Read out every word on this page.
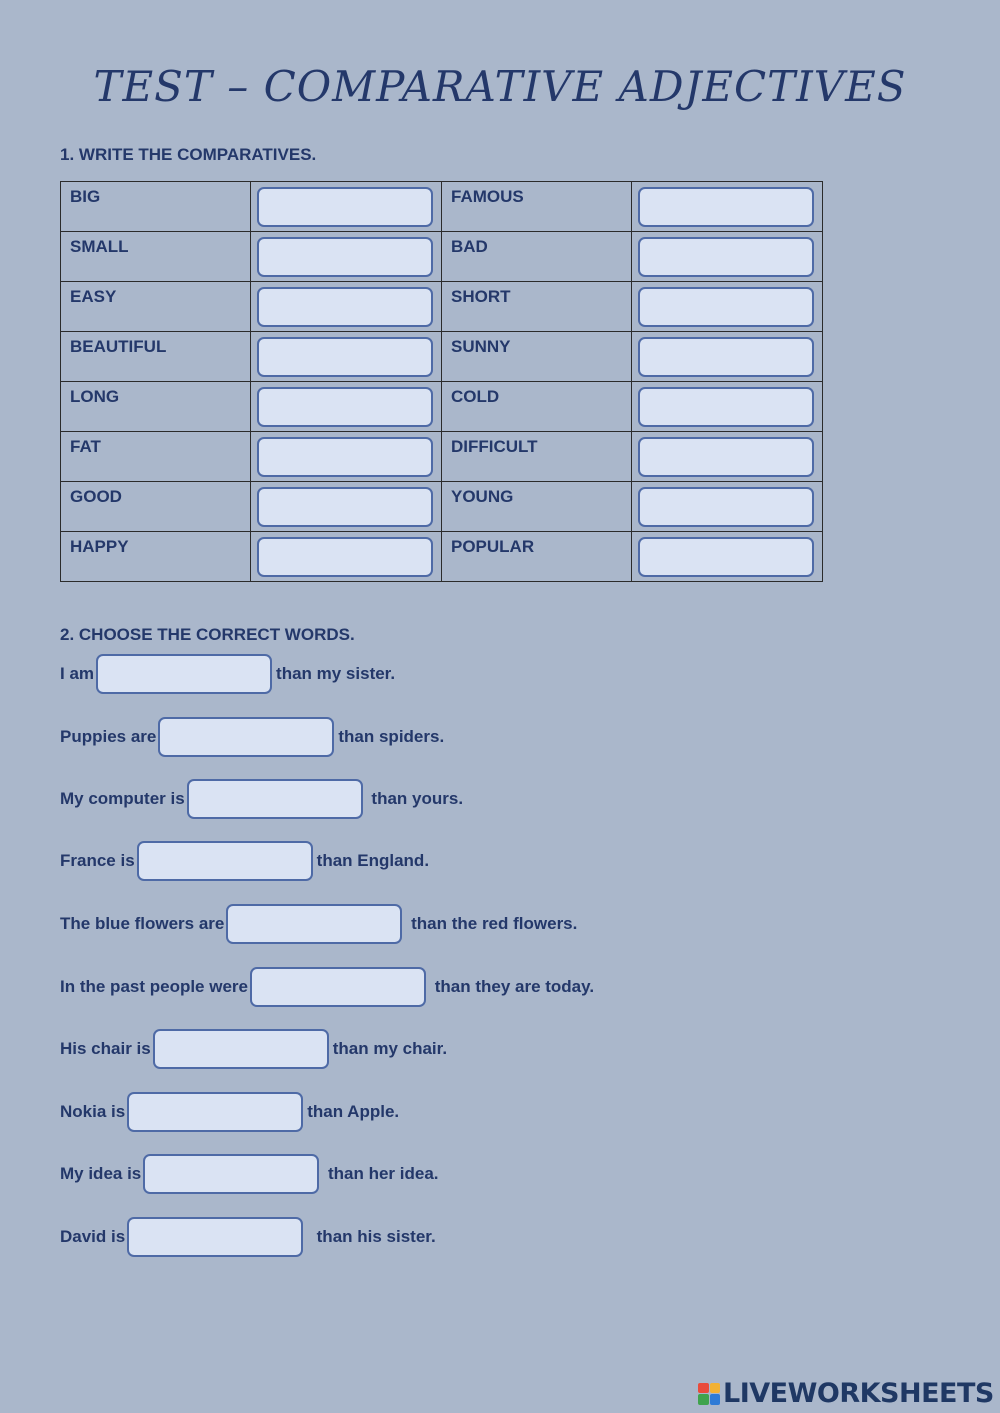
TEST – COMPARATIVE ADJECTIVES
1. WRITE THE COMPARATIVES.
BIG		FAMOUS	

SMALL		BAD	

EASY		SHORT	

BEAUTIFUL		SUNNY	

LONG		COLD	

FAT		DIFFICULT	

GOOD		YOUNG	

HAPPY		POPULAR	
2. CHOOSE THE CORRECT WORDS.
I am	than my sister.
Puppies are	than spiders.
My computer is	than yours.
France is	than England.
The blue flowers are	than the red flowers.
In the past people were	than they are today.
His chair is	than my chair.
Nokia is	than Apple.
My idea is	than her idea.
David is	than his sister.
LIVEWORKSHEETS
